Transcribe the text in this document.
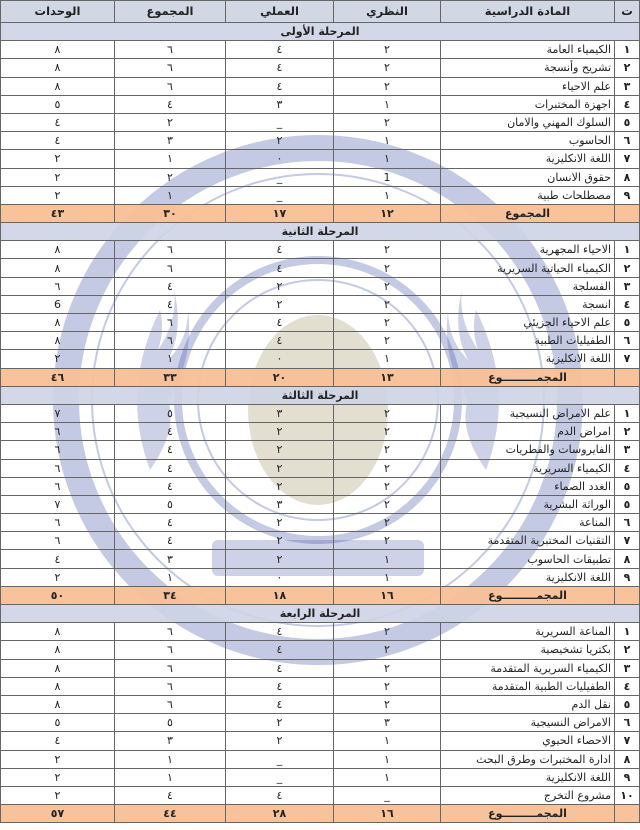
ت	المادة الدراسية	النظري	العملي	المجموع	الوحدات
المرحلة الأولى					
١	الكيمياء العامة	٢	٤	٦	٨
٢	تشريح وأنسجة	٢	٤	٦	٨
٣	علم الاحياء	٢	٤	٦	٨
٤	اجهزة المختبرات	١	٣	٤	٥
٥	السلوك المهني والامان	٢	_	٢	٤
٦	الحاسوب	١	٢	٣	٤
٧	اللغة الانكليزية	١	٠	١	٢
٨	حقوق الانسان	1	_	٢	٢
٩	مصطلحات طبية	١	_	١	٢
	المجموع	١٢	١٧	٣٠	٤٣
المرحلة الثانية					
١	الاحياء المجهرية	٢	٤	٦	٨
٢	الكيمياء الحياتية السريرية	٢	٤	٦	٨
٣	الفسلجة	٢	٢	٤	٦
٤	انسجة	٢	٢	٤	6
٥	علم الاحياء الجزيئي	٢	٤	٦	٨
٦	الطفيليات الطبية	٢	٤	٦	٨
٧	اللغة الانكليزية	١	٠	١	٢
	المجمـــــــــوع	١٣	٢٠	٣٣	٤٦
المرحلة الثالثة					
١	علم الامراض النسيجية	٢	٣	٥	٧
٢	امراض الدم	٢	٢	٤	٦
٣	الفايروسات والفطريات	٢	٢	٤	٦
٤	الكيمياء السريرية	٢	٢	٤	٦
٥	الغدد الصماء	٢	٢	٤	٦
٥	الوراثة البشرية	٢	٣	٥	٧
٦	المناعة	٢	٢	٤	٦
٧	التقنيات المختبرية المتقدمة	٢	٢	٤	٦
٨	تطبيقات الحاسوب	١	٢	٣	٤
٩	اللغة الانكليزية	١	٠	١	٢
	المجمـــــــــوع	١٦	١٨	٣٤	٥٠
المرحلة الرابعة					
١	المناعة السريرية	٢	٤	٦	٨
٢	بكتريا تشخيصية	٢	٤	٦	٨
٣	الكيمياء السريرية المتقدمة	٢	٤	٦	٨
٤	الطفيليات الطبية المتقدمة	٢	٤	٦	٨
٥	نقل الدم	٢	٤	٦	٨
٦	الامراض النسيجية	٣	٢	٥	٥
٧	الاحصاء الحيوي	١	٢	٣	٤
٨	ادارة المختبرات وطرق البحث	١	_	١	٢
٩	اللغة الانكليزية	١	_	١	٢
١٠	مشروع التخرج	_	٤	٤	٢
	المجمـــــــــوع	١٦	٢٨	٤٤	٥٧
